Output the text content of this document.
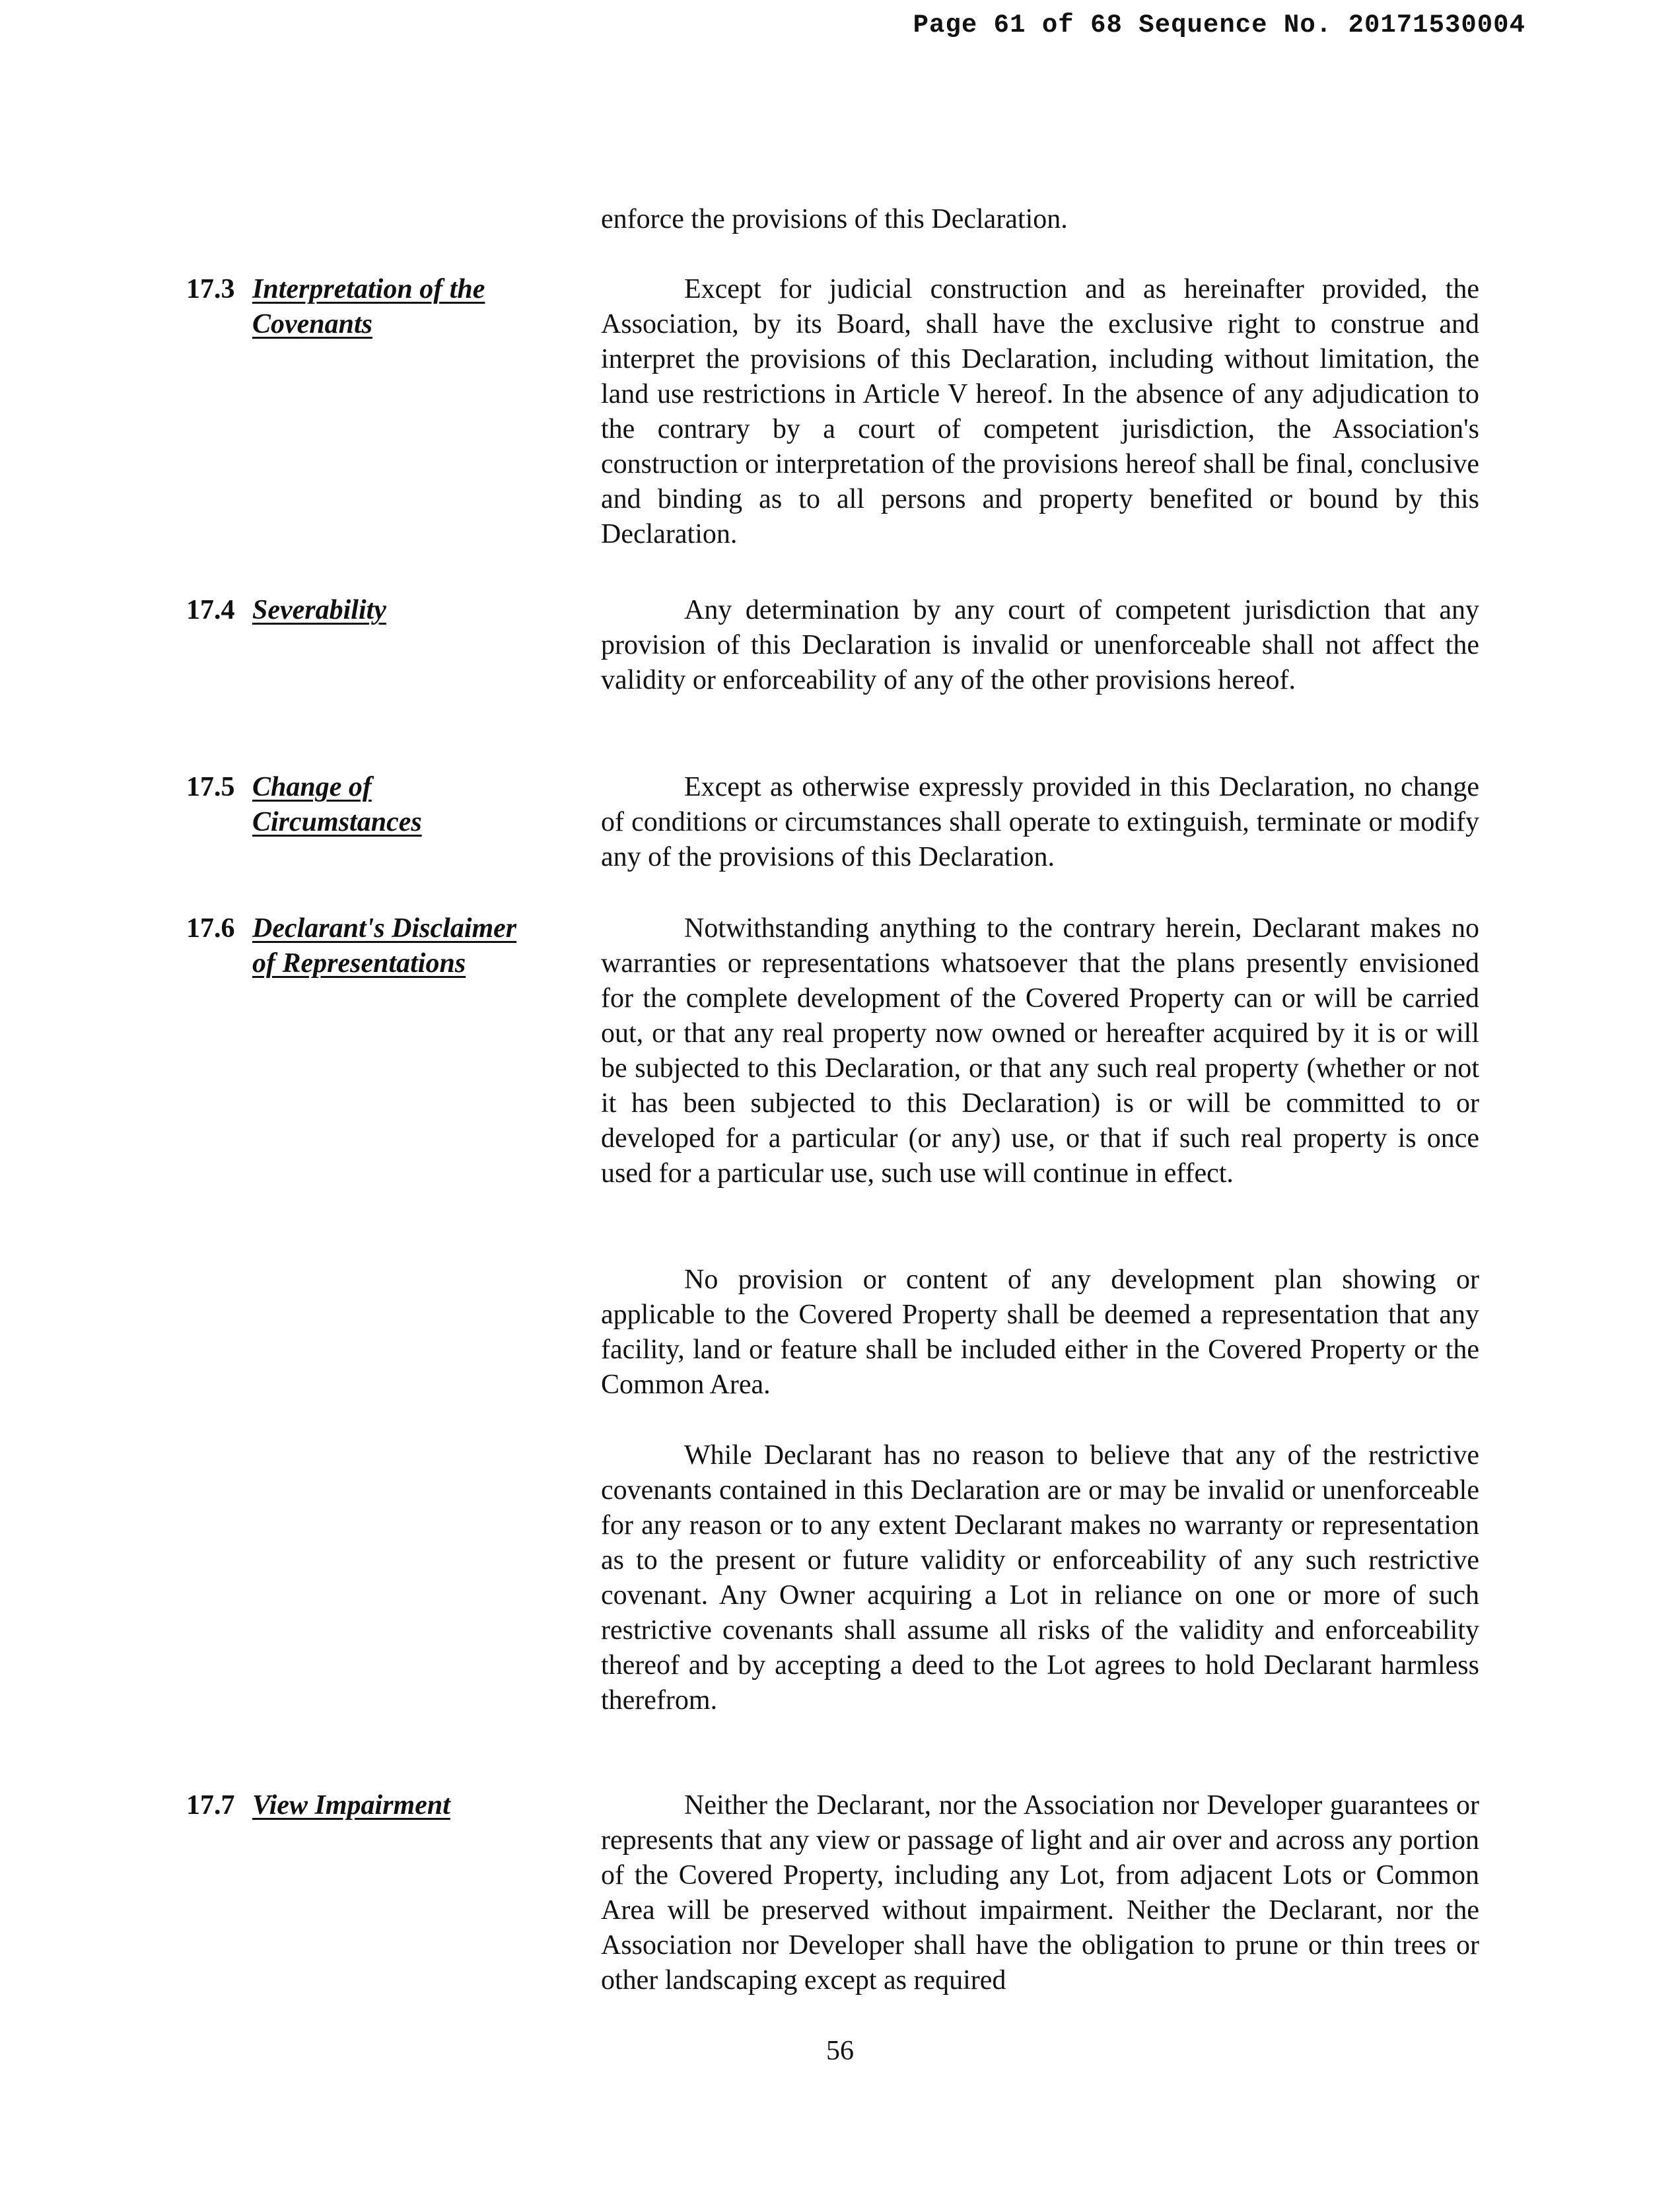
Page 61 of 68 Sequence No. 20171530004

enforce the provisions of this Declaration.

17.3 Interpretation of the
Covenants

Except for judicial construction and as hereinafter provided, the Association, by its Board, shall have the exclusive right to construe and interpret the provisions of this Declaration, including without limitation, the land use restrictions in Article V hereof. In the absence of any adjudication to the contrary by a court of competent jurisdiction, the Association's construction or interpretation of the provisions hereof shall be final, conclusive and binding as to all persons and property benefited or bound by this Declaration.

17.4 Severability	Any determination by any court of competent jurisdiction that any provision of this Declaration is invalid or unenforceable shall not affect the validity or enforceability of any of the other provisions hereof.

17.5 Change of
Circumstances

Except as otherwise expressly provided in this Declaration, no change of conditions or circumstances shall operate to extinguish, terminate or modify any of the provisions of this Declaration.

17.6 Declarant's Disclaimer
of Representations

Notwithstanding anything to the contrary herein, Declarant makes no warranties or representations whatsoever that the plans presently envisioned for the complete development of the Covered Property can or will be carried out, or that any real property now owned or hereafter acquired by it is or will be subjected to this Declaration, or that any such real property (whether or not it has been subjected to this Declaration) is or will be committed to or developed for a particular (or any) use, or that if such real property is once used for a particular use, such use will continue in effect.

No provision or content of any development plan showing or applicable to the Covered Property shall be deemed a representation that any facility, land or feature shall be included either in the Covered Property or the Common Area.

While Declarant has no reason to believe that any of the restrictive covenants contained in this Declaration are or may be invalid or unenforceable for any reason or to any extent Declarant makes no warranty or representation as to the present or future validity or enforceability of any such restrictive covenant. Any Owner acquiring a Lot in reliance on one or more of such restrictive covenants shall assume all risks of the validity and enforceability thereof and by accepting a deed to the Lot agrees to hold Declarant harmless therefrom.

17.7 View Impairment	Neither the Declarant, nor the Association nor Developer guarantees or represents that any view or passage of light and air over and across any portion of the Covered Property, including any Lot, from adjacent Lots or Common Area will be preserved without impairment. Neither the Declarant, nor the Association nor Developer shall have the obligation to prune or thin trees or other landscaping except as required

56
